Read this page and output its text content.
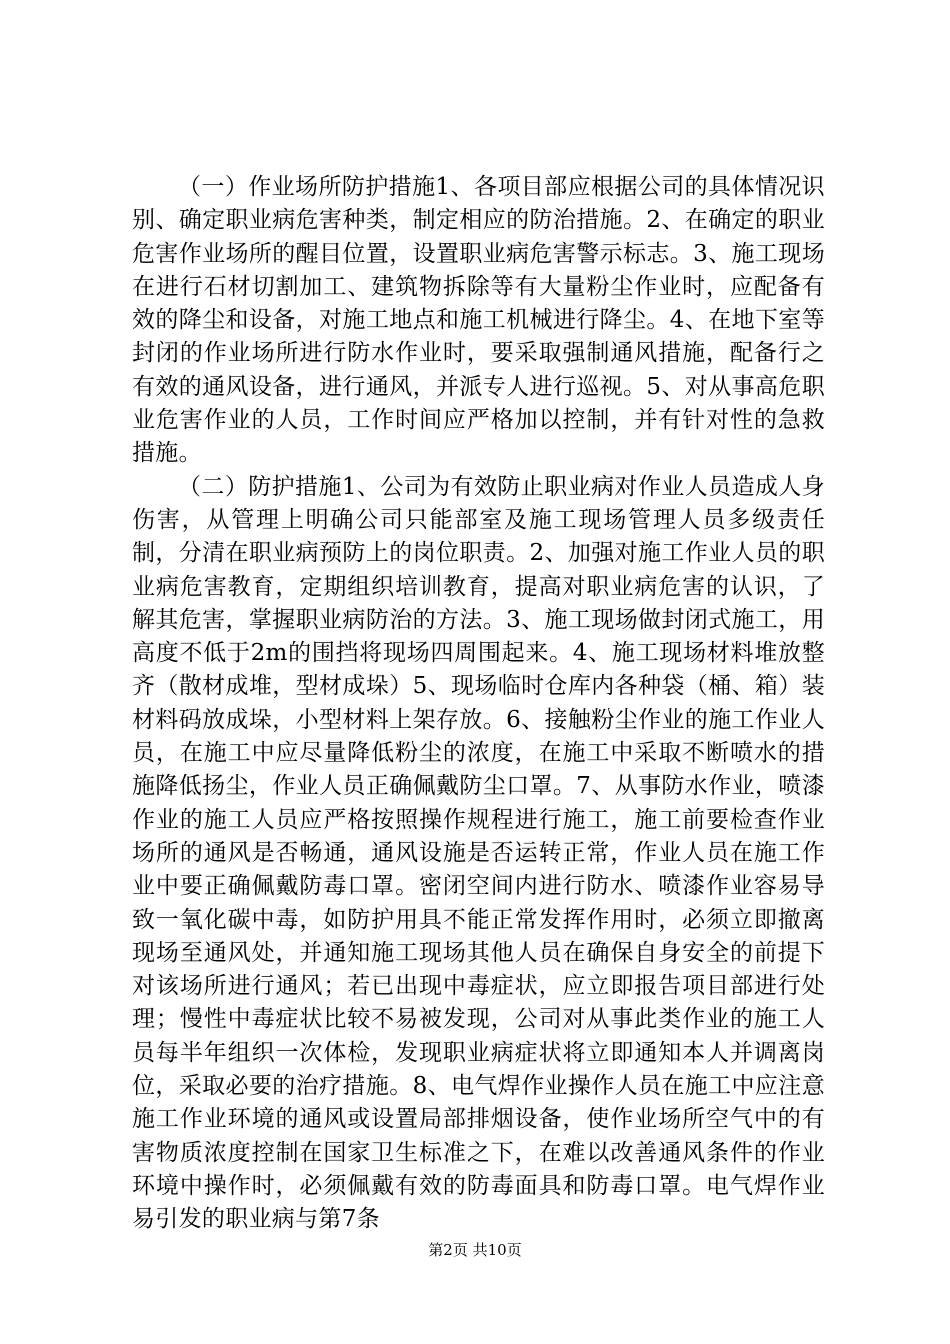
（一）作业场所防护措施1、各项目部应根据公司的具体情况识别、确定职业病危害种类，制定相应的防治措施。2、在确定的职业危害作业场所的醒目位置，设置职业病危害警示标志。3、施工现场在进行石材切割加工、建筑物拆除等有大量粉尘作业时，应配备有效的降尘和设备，对施工地点和施工机械进行降尘。4、在地下室等封闭的作业场所进行防水作业时，要采取强制通风措施，配备行之有效的通风设备，进行通风，并派专人进行巡视。5、对从事高危职业危害作业的人员，工作时间应严格加以控制，并有针对性的急救措施。

（二）防护措施1、公司为有效防止职业病对作业人员造成人身伤害，从管理上明确公司只能部室及施工现场管理人员多级责任制，分清在职业病预防上的岗位职责。2、加强对施工作业人员的职业病危害教育，定期组织培训教育，提高对职业病危害的认识，了解其危害，掌握职业病防治的方法。3、施工现场做封闭式施工，用高度不低于2m的围挡将现场四周围起来。4、施工现场材料堆放整齐（散材成堆，型材成垛）5、现场临时仓库内各种袋（桶、箱）装材料码放成垛，小型材料上架存放。6、接触粉尘作业的施工作业人员，在施工中应尽量降低粉尘的浓度，在施工中采取不断喷水的措施降低扬尘，作业人员正确佩戴防尘口罩。7、从事防水作业，喷漆作业的施工人员应严格按照操作规程进行施工，施工前要检查作业场所的通风是否畅通，通风设施是否运转正常，作业人员在施工作业中要正确佩戴防毒口罩。密闭空间内进行防水、喷漆作业容易导致一氧化碳中毒，如防护用具不能正常发挥作用时，必须立即撤离现场至通风处，并通知施工现场其他人员在确保自身安全的前提下对该场所进行通风；若已出现中毒症状，应立即报告项目部进行处理；慢性中毒症状比较不易被发现，公司对从事此类作业的施工人员每半年组织一次体检，发现职业病症状将立即通知本人并调离岗位，采取必要的治疗措施。8、电气焊作业操作人员在施工中应注意施工作业环境的通风或设置局部排烟设备，使作业场所空气中的有害物质浓度控制在国家卫生标准之下，在难以改善通风条件的作业环境中操作时，必须佩戴有效的防毒面具和防毒口罩。电气焊作业易引发的职业病与第7条

第2页 共10页
